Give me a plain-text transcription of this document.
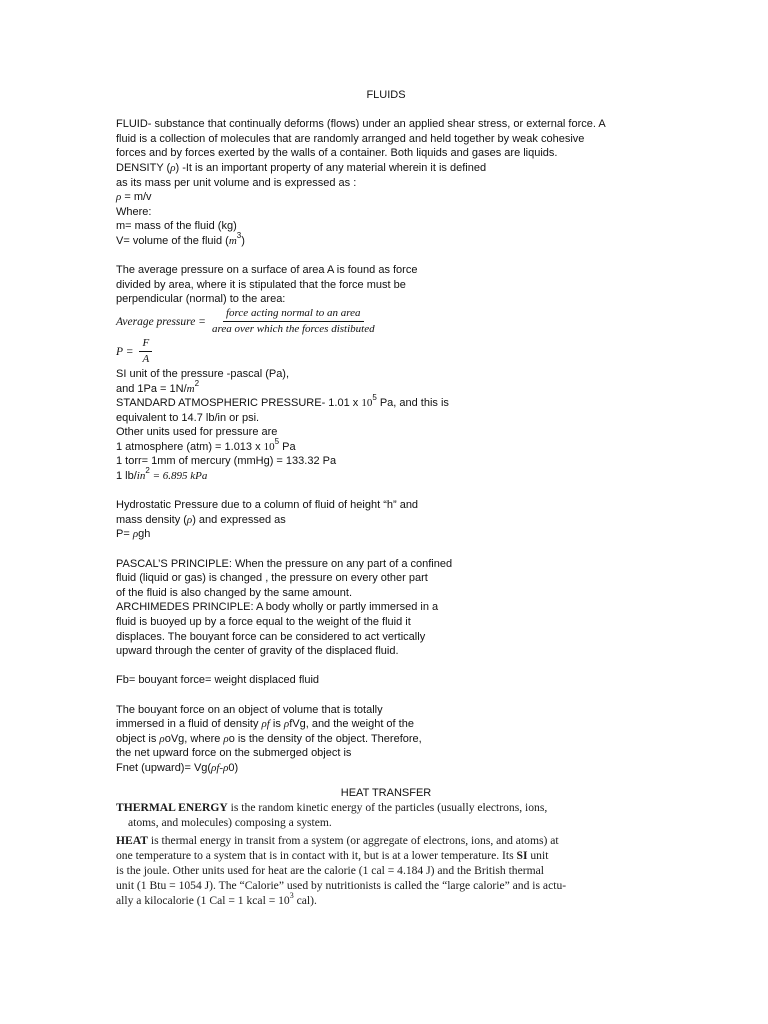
FLUIDS
FLUID- substance that continually deforms (flows) under an applied shear stress, or external force. A
fluid is a collection of molecules that are randomly arranged and held together by weak cohesive
forces and by forces exerted by the walls of a container. Both liquids and gases are liquids.
DENSITY (ρ) -It is an important property of any material wherein it is defined
as its mass per unit volume and is expressed as :
ρ = m/v
Where:
m= mass of the fluid (kg)
V= volume of the fluid $(m^3)$
The average pressure on a surface of area A is found as force
divided by area, where it is stipulated that the force must be
perpendicular (normal) to the area:
Average pressure = $\frac{\text{force acting normal to an area}}{\text{area over which the forces distibuted}}$
$P = \frac{F}{A}$
SI unit of the pressure -pascal (Pa),
and $1Pa = 1N/m^2$
STANDARD ATMOSPHERIC PRESSURE- 1.01 x $10^5$ Pa, and this is
equivalent to 14.7 lb/in or psi.
Other units used for pressure are
1 atmosphere (atm) = 1.013 x $10^5$ Pa
1 torr= 1mm of mercury (mmHg) = 133.32 Pa
1 $lb/in^2 = 6.895$ kPa
Hydrostatic Pressure due to a column of fluid of height “h” and
mass density (ρ) and expressed as
P= ρgh
PASCAL’S PRINCIPLE: When the pressure on any part of a confined
fluid (liquid or gas) is changed , the pressure on every other part
of the fluid is also changed by the same amount.
ARCHIMEDES PRINCIPLE: A body wholly or partly immersed in a
fluid is buoyed up by a force equal to the weight of the fluid it
displaces. The bouyant force can be considered to act vertically
upward through the center of gravity of the displaced fluid.
Fb= bouyant force= weight displaced fluid
The bouyant force on an object of volume that is totally
immersed in a fluid of density ρf is ρfVg, and the weight of the
object is ρoVg, where ρo is the density of the object. Therefore,
the net upward force on the submerged object is
Fnet (upward)= Vg(ρf-ρ0)
HEAT TRANSFER

THERMAL ENERGY is the random kinetic energy of the particles (usually electrons, ions,
atoms, and molecules) composing a system.

HEAT is thermal energy in transit from a system (or aggregate of electrons, ions, and atoms) at
one temperature to a system that is in contact with it, but is at a lower temperature. Its SI unit
is the joule. Other units used for heat are the calorie (1 cal = 4.184 J) and the British thermal
unit (1 Btu = 1054 J). The “Calorie” used by nutritionists is called the “large calorie” and is actu-
ally a kilocalorie (1 Cal = 1 kcal = $10^3$ cal).
